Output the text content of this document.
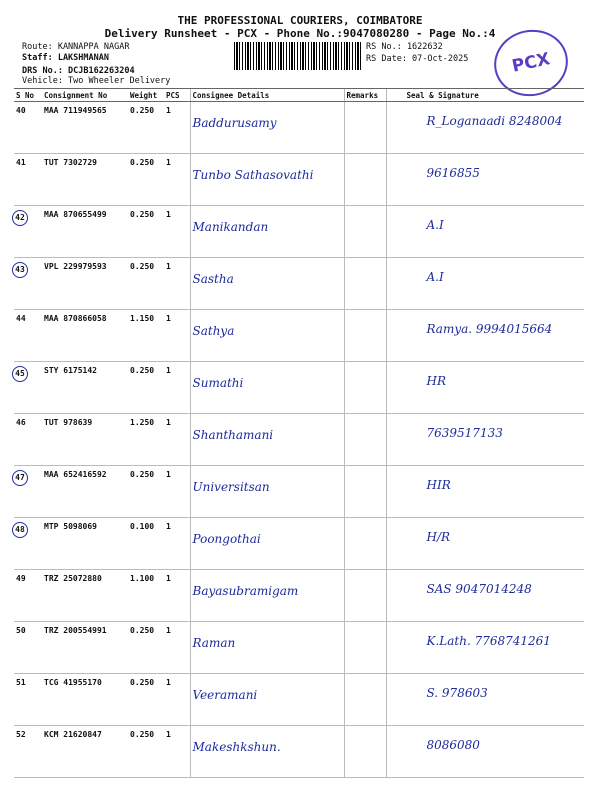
THE PROFESSIONAL COURIERS, COIMBATORE
Delivery Runsheet - PCX - Phone No.:9047080280 - Page No.:4
Route: KANNAPPA NAGAR
Staff: LAKSHMANAN
DRS No.: DCJB162263204
Vehicle: Two Wheeler Delivery
RS No.: 1622632
RS Date: 07-Oct-2025	PCX
S No	Consignment No	Weight	PCS	Consignee Details	Remarks	Seal & Signature
40	MAA 711949565	0.250	1	Baddurusamy		R_Loganaadi 8248004
41	TUT 7302729	0.250	1	Tunbo Sathasovathi		9616855
42	MAA 870655499	0.250	1	Manikandan		A.I
43	VPL 229979593	0.250	1	Sastha		A.I
44	MAA 870866058	1.150	1	Sathya		Ramya. 9994015664
45	STY 6175142	0.250	1	Sumathi		HR
46	TUT 978639	1.250	1	Shanthamani		7639517133
47	MAA 652416592	0.250	1	Universitsan		HIR
48	MTP 5098069	0.100	1	Poongothai		H/R
49	TRZ 25072880	1.100	1	Bayasubramigam		SAS 9047014248
50	TRZ 200554991	0.250	1	Raman		K.Lath. 7768741261
51	TCG 41955170	0.250	1	Veeramani		S. 978603
52	KCM 21620847	0.250	1	Makeshkshun.		8086080
